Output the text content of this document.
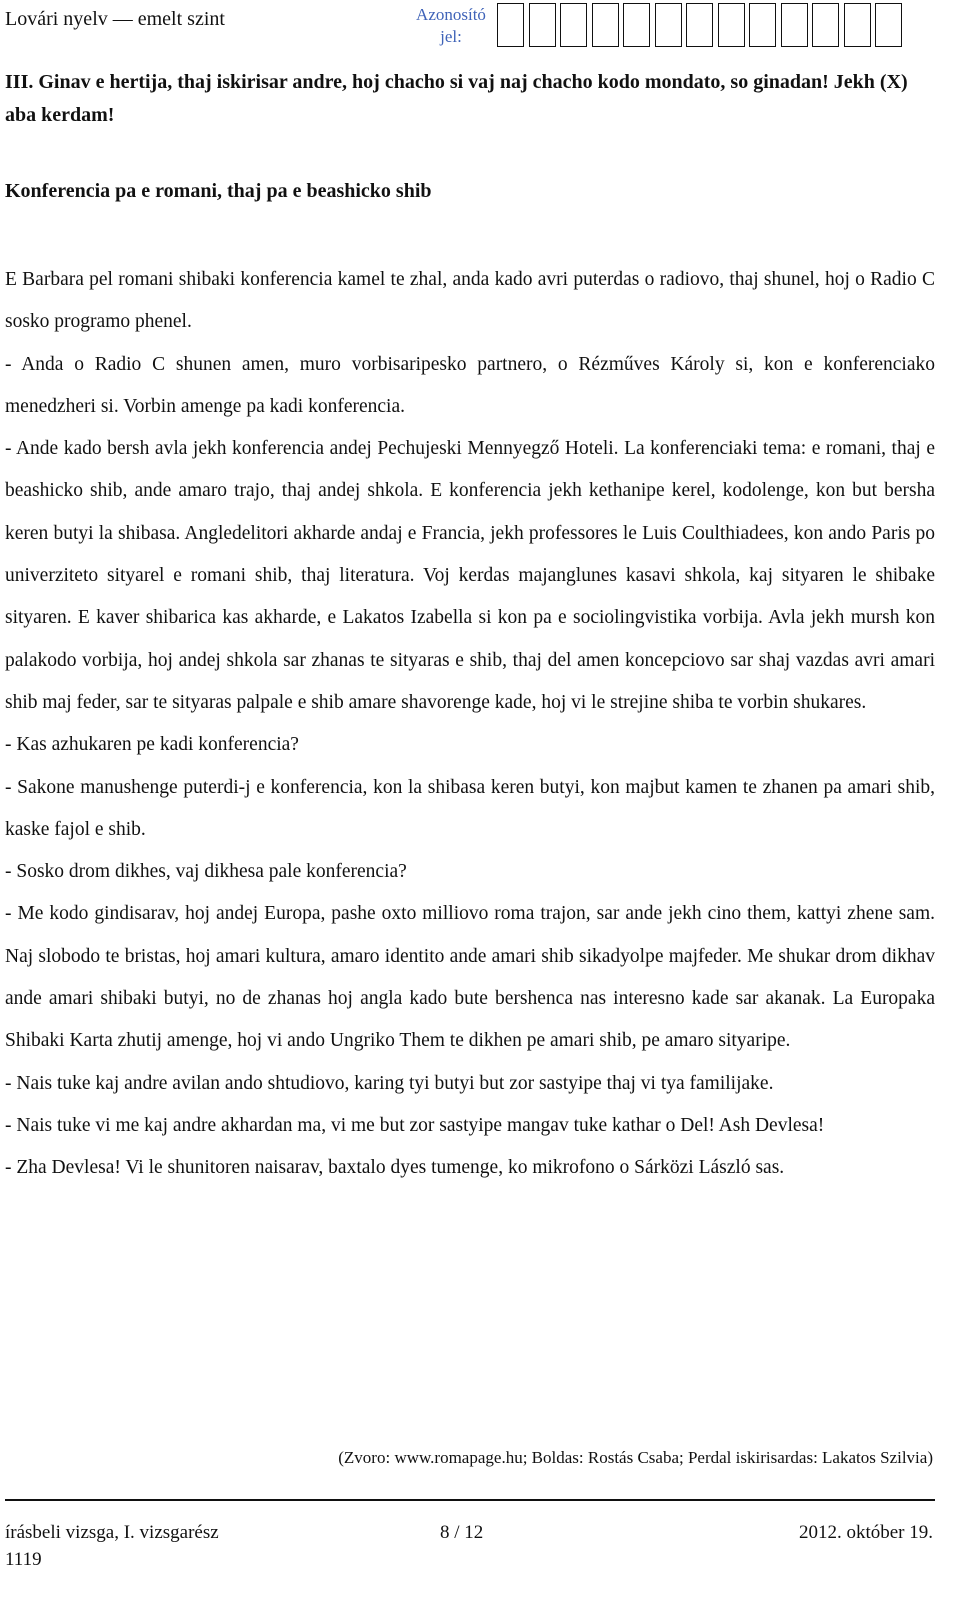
Lovári nyelv — emelt szint	Azonosító
jel:
III. Ginav e hertija, thaj iskirisar andre, hoj chacho si vaj naj chacho kodo mondato, so ginadan! Jekh (X) aba kerdam!
Konferencia pa e romani, thaj pa e beashicko shib

E Barbara pel romani shibaki konferencia kamel te zhal, anda kado avri puterdas o radiovo, thaj shunel, hoj o Radio C sosko programo phenel.

- Anda o Radio C shunen amen, muro vorbisaripesko partnero, o Rézműves Károly si, kon e konferenciako menedzheri si. Vorbin amenge pa kadi konferencia.

- Ande kado bersh avla jekh konferencia andej Pechujeski Mennyegző Hoteli. La konferenciaki tema: e romani, thaj e beashicko shib, ande amaro trajo, thaj andej shkola. E konferencia jekh kethanipe kerel, kodolenge, kon but bersha keren butyi la shibasa. Angledelitori akharde andaj e Francia, jekh professores le Luis Coulthiadees, kon ando Paris po univerziteto sityarel e romani shib, thaj literatura. Voj kerdas majanglunes kasavi shkola, kaj sityaren le shibake sityaren. E kaver shibarica kas akharde, e Lakatos Izabella si kon pa e sociolingvistika vorbija. Avla jekh mursh kon palakodo vorbija, hoj andej shkola sar zhanas te sityaras e shib, thaj del amen koncepciovo sar shaj vazdas avri amari shib maj feder, sar te sityaras palpale e shib amare shavorenge kade, hoj vi le strejine shiba te vorbin shukares.

- Kas azhukaren pe kadi konferencia?

- Sakone manushenge puterdi-j e konferencia, kon la shibasa keren butyi, kon majbut kamen te zhanen pa amari shib, kaske fajol e shib.

- Sosko drom dikhes, vaj dikhesa pale konferencia?

- Me kodo gindisarav, hoj andej Europa, pashe oxto milliovo roma trajon, sar ande jekh cino them, kattyi zhene sam. Naj slobodo te bristas, hoj amari kultura, amaro identito ande amari shib sikadyolpe majfeder. Me shukar drom dikhav ande amari shibaki butyi, no de zhanas hoj angla kado bute bershenca nas interesno kade sar akanak. La Europaka Shibaki Karta zhutij amenge, hoj vi ando Ungriko Them te dikhen pe amari shib, pe amaro sityaripe.

- Nais tuke kaj andre avilan ando shtudiovo, karing tyi butyi but zor sastyipe thaj vi tya familijake.

- Nais tuke vi me kaj andre akhardan ma, vi me but zor sastyipe mangav tuke kathar o Del! Ash Devlesa!

- Zha Devlesa! Vi le shunitoren naisarav, baxtalo dyes tumenge, ko mikrofono o Sárközi László sas.

(Zvoro: www.romapage.hu; Boldas: Rostás Csaba; Perdal iskirisardas: Lakatos Szilvia)
írásbeli vizsga, I. vizsgarész	8 / 12	2012. október 19.
1119
